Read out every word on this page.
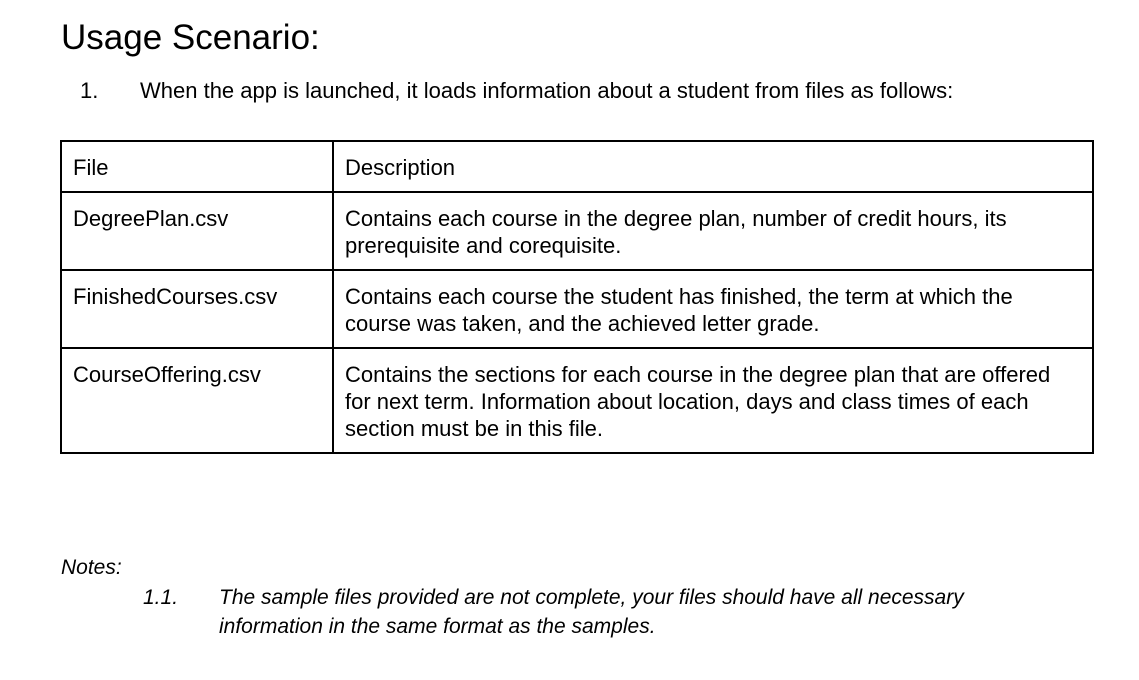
Usage Scenario:
1. When the app is launched, it loads information about a student from files as follows:
File	Description
DegreePlan.csv	Contains each course in the degree plan, number of credit hours, its prerequisite and corequisite.
FinishedCourses.csv	Contains each course the student has finished, the term at which the course was taken, and the achieved letter grade.
CourseOffering.csv	Contains the sections for each course in the degree plan that are offered for next term. Information about location, days and class times of each section must be in this file.
Notes:
1.1. The sample files provided are not complete, your files should have all necessary information in the same format as the samples.
